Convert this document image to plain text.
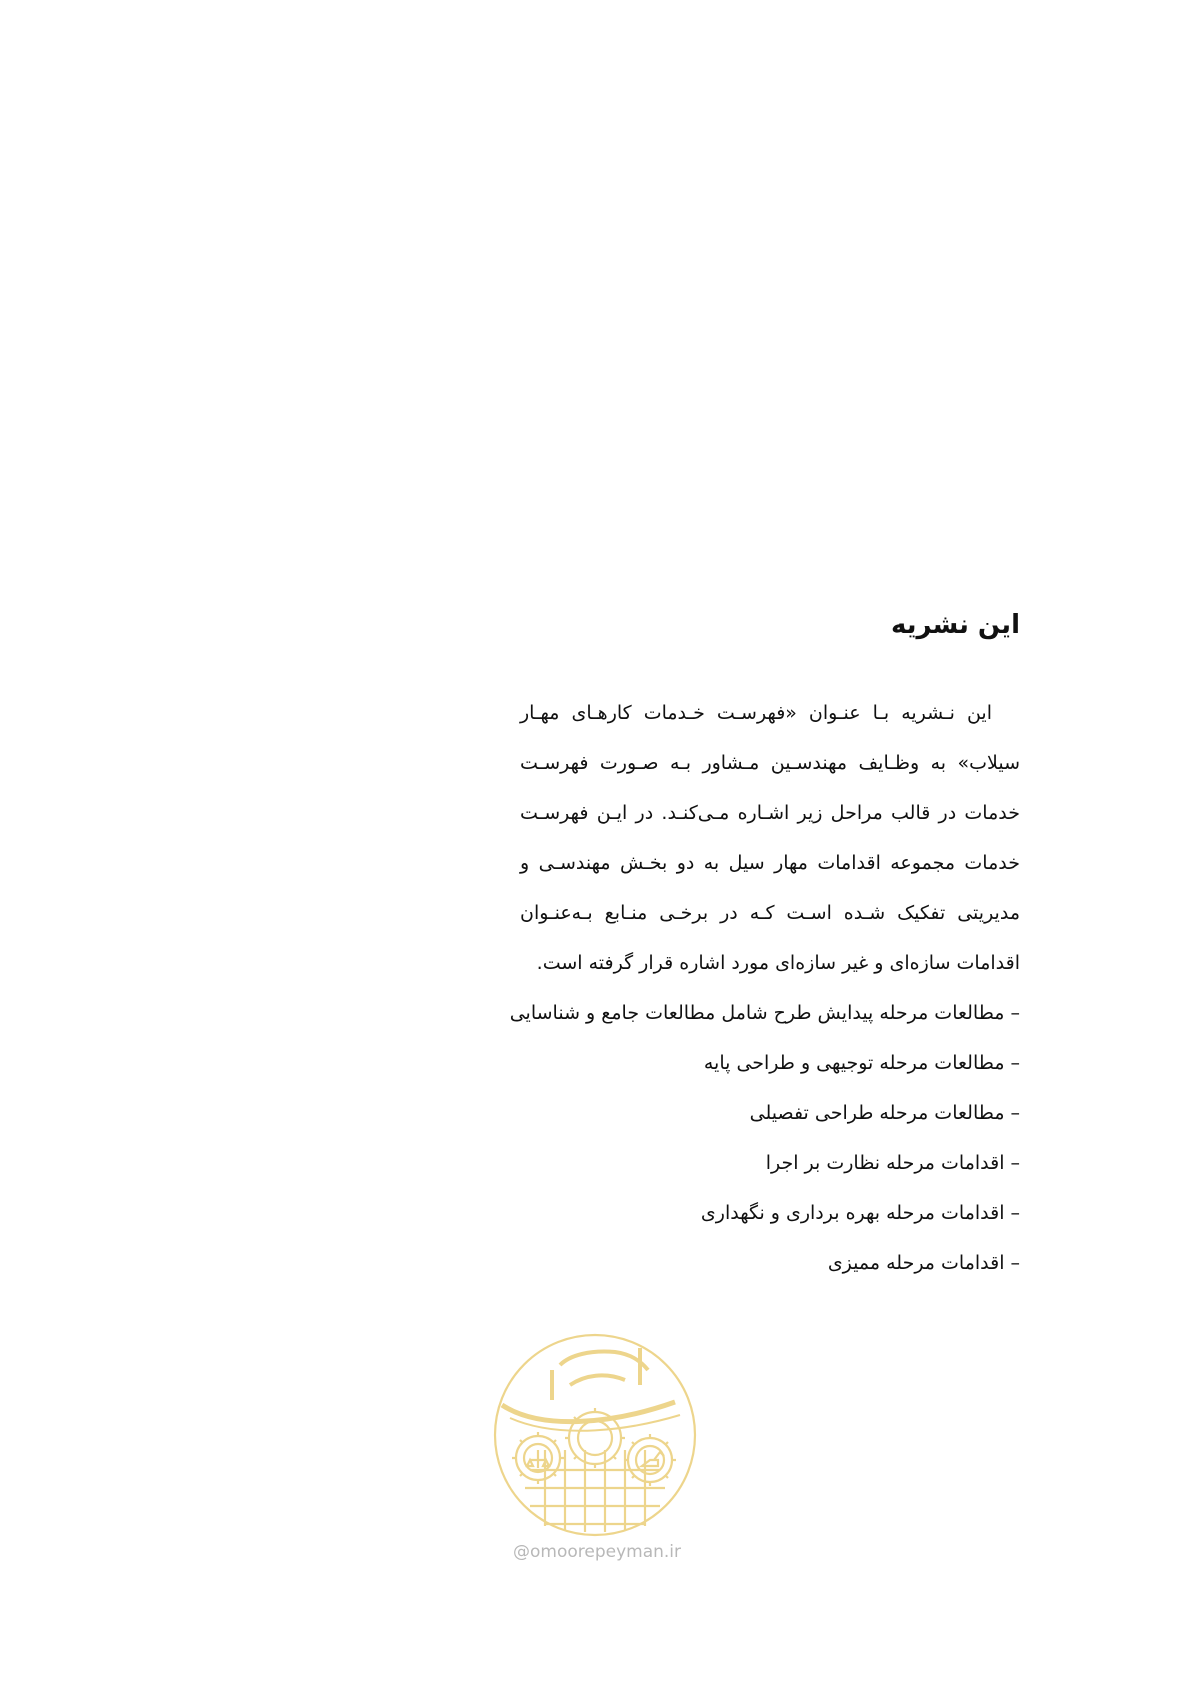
این نشریه

این نـشریه بـا عنـوان «فهرسـت خـدمات کارهـای مهـار سیلاب» به وظـایف مهندسـین مـشاور بـه صـورت فهرسـت خدمات در قالب مراحل زیر اشـاره مـی‌کنـد. در ایـن فهرسـت خدمات مجموعه اقدامات مهار سیل به دو بخـش مهندسـی و مدیریتی تفکیک شـده اسـت کـه در برخـی منـابع بـه‌عنـوان اقدامات سازه‌ای و غیر سازه‌ای مورد اشاره قرار گرفته است.

–مطالعات مرحله پیدایش طرح شامل مطالعات جامع و شناسایی
–مطالعات مرحله توجیهی و طراحی پایه
–مطالعات مرحله طراحی تفصیلی
–اقدامات مرحله نظارت بر اجرا
–اقدامات مرحله بهره برداری و نگهداری
–اقدامات مرحله ممیزی
@omoorepeyman.ir
